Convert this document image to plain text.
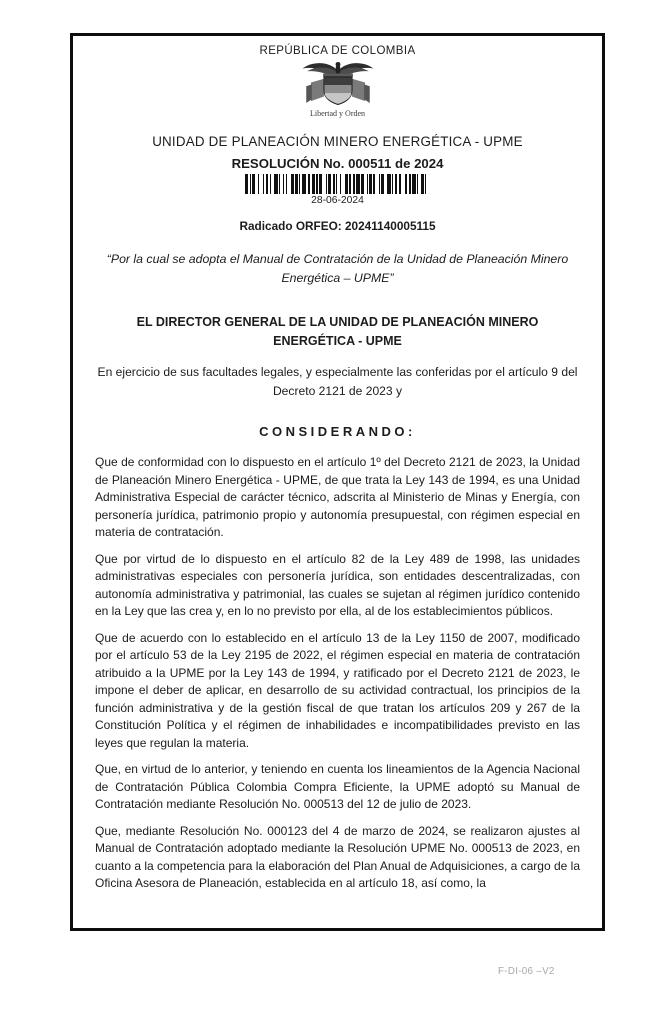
REPÚBLICA DE COLOMBIA
Libertad y Orden
UNIDAD DE PLANEACIÓN MINERO ENERGÉTICA - UPME
RESOLUCIÓN No. 000511 de 2024
28-06-2024
Radicado ORFEO: 20241140005115
“Por la cual se adopta el Manual de Contratación de la Unidad de Planeación Minero
Energética – UPME”
EL DIRECTOR GENERAL DE LA UNIDAD DE PLANEACIÓN MINERO
ENERGÉTICA - UPME
En ejercicio de sus facultades legales, y especialmente las conferidas por el artículo 9 del
Decreto 2121 de 2023 y
CONSIDERANDO:

Que de conformidad con lo dispuesto en el artículo 1º del Decreto 2121 de 2023, la Unidad de Planeación Minero Energética - UPME, de que trata la Ley 143 de 1994, es una Unidad Administrativa Especial de carácter técnico, adscrita al Ministerio de Minas y Energía, con personería jurídica, patrimonio propio y autonomía presupuestal, con régimen especial en materia de contratación.

Que por virtud de lo dispuesto en el artículo 82 de la Ley 489 de 1998, las unidades administrativas especiales con personería jurídica, son entidades descentralizadas, con autonomía administrativa y patrimonial, las cuales se sujetan al régimen jurídico contenido en la Ley que las crea y, en lo no previsto por ella, al de los establecimientos públicos.

Que de acuerdo con lo establecido en el artículo 13 de la Ley 1150 de 2007, modificado por el artículo 53 de la Ley 2195 de 2022, el régimen especial en materia de contratación atribuido a la UPME por la Ley 143 de 1994, y ratificado por el Decreto 2121 de 2023, le impone el deber de aplicar, en desarrollo de su actividad contractual, los principios de la función administrativa y de la gestión fiscal de que tratan los artículos 209 y 267 de la Constitución Política y el régimen de inhabilidades e incompatibilidades previsto en las leyes que regulan la materia.

Que, en virtud de lo anterior, y teniendo en cuenta los lineamientos de la Agencia Nacional de Contratación Pública Colombia Compra Eficiente, la UPME adoptó su Manual de Contratación mediante Resolución No. 000513 del 12 de julio de 2023.

Que, mediante Resolución No. 000123 del 4 de marzo de 2024, se realizaron ajustes al Manual de Contratación adoptado mediante la Resolución UPME No. 000513 de 2023, en cuanto a la competencia para la elaboración del Plan Anual de Adquisiciones, a cargo de la Oficina Asesora de Planeación, establecida en al artículo 18, así como, la

F-DI-06 –V2
